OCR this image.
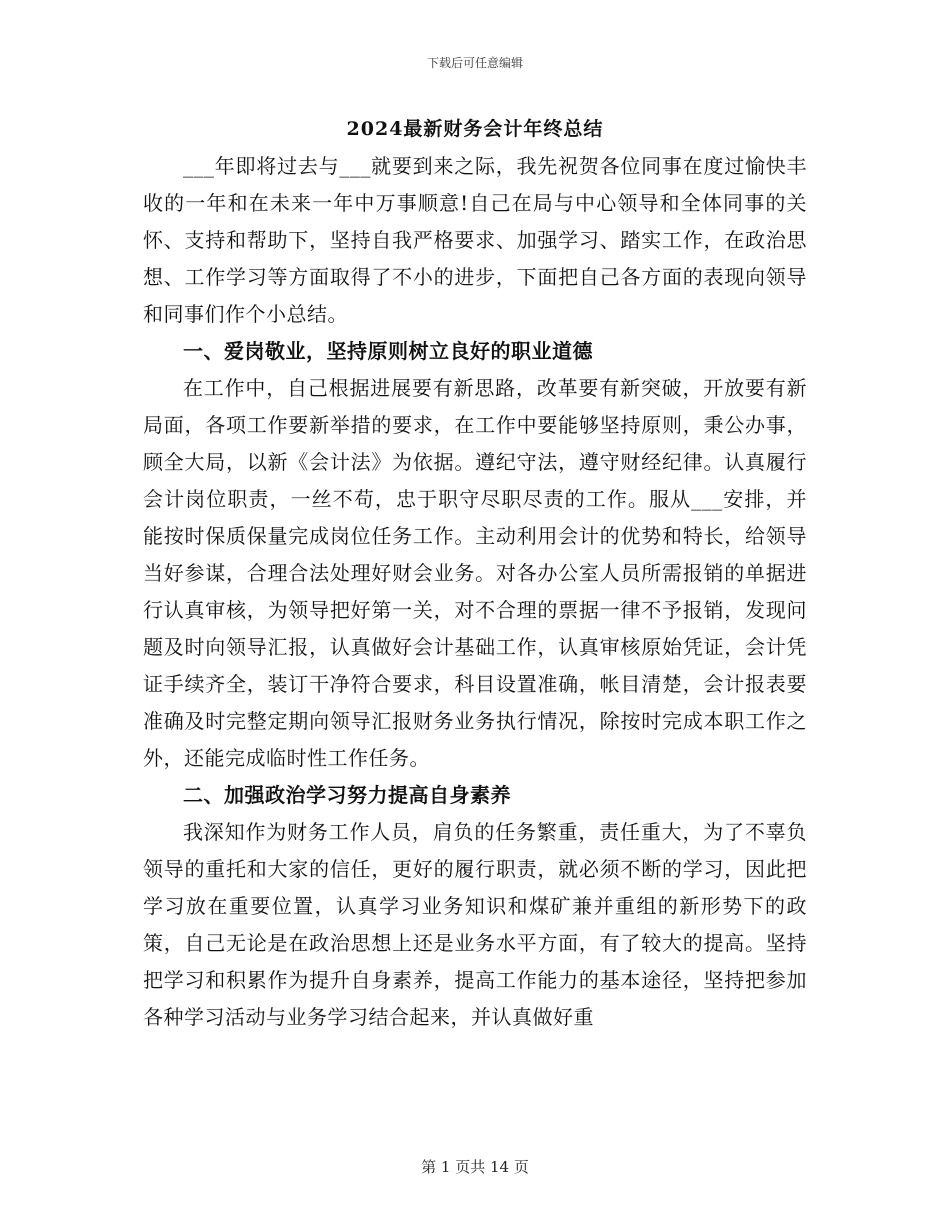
下载后可任意编辑
2024最新财务会计年终总结

___年即将过去与___就要到来之际，我先祝贺各位同事在度过愉快丰收的一年和在未来一年中万事顺意!自己在局与中心领导和全体同事的关怀、支持和帮助下，坚持自我严格要求、加强学习、踏实工作，在政治思想、工作学习等方面取得了不小的进步，下面把自己各方面的表现向领导和同事们作个小总结。

一、爱岗敬业，坚持原则树立良好的职业道德

在工作中，自己根据进展要有新思路，改革要有新突破，开放要有新局面，各项工作要新举措的要求，在工作中要能够坚持原则，秉公办事，顾全大局，以新《会计法》为依据。遵纪守法，遵守财经纪律。认真履行会计岗位职责，一丝不苟，忠于职守尽职尽责的工作。服从___安排，并能按时保质保量完成岗位任务工作。主动利用会计的优势和特长，给领导当好参谋，合理合法处理好财会业务。对各办公室人员所需报销的单据进行认真审核，为领导把好第一关，对不合理的票据一律不予报销，发现问题及时向领导汇报，认真做好会计基础工作，认真审核原始凭证，会计凭证手续齐全，装订干净符合要求，科目设置准确，帐目清楚，会计报表要准确及时完整定期向领导汇报财务业务执行情况，除按时完成本职工作之外，还能完成临时性工作任务。

二、加强政治学习努力提高自身素养

我深知作为财务工作人员，肩负的任务繁重，责任重大，为了不辜负领导的重托和大家的信任，更好的履行职责，就必须不断的学习，因此把学习放在重要位置，认真学习业务知识和煤矿兼并重组的新形势下的政策，自己无论是在政治思想上还是业务水平方面，有了较大的提高。坚持把学习和积累作为提升自身素养，提高工作能力的基本途径，坚持把参加各种学习活动与业务学习结合起来，并认真做好重

第 1 页共 14 页
